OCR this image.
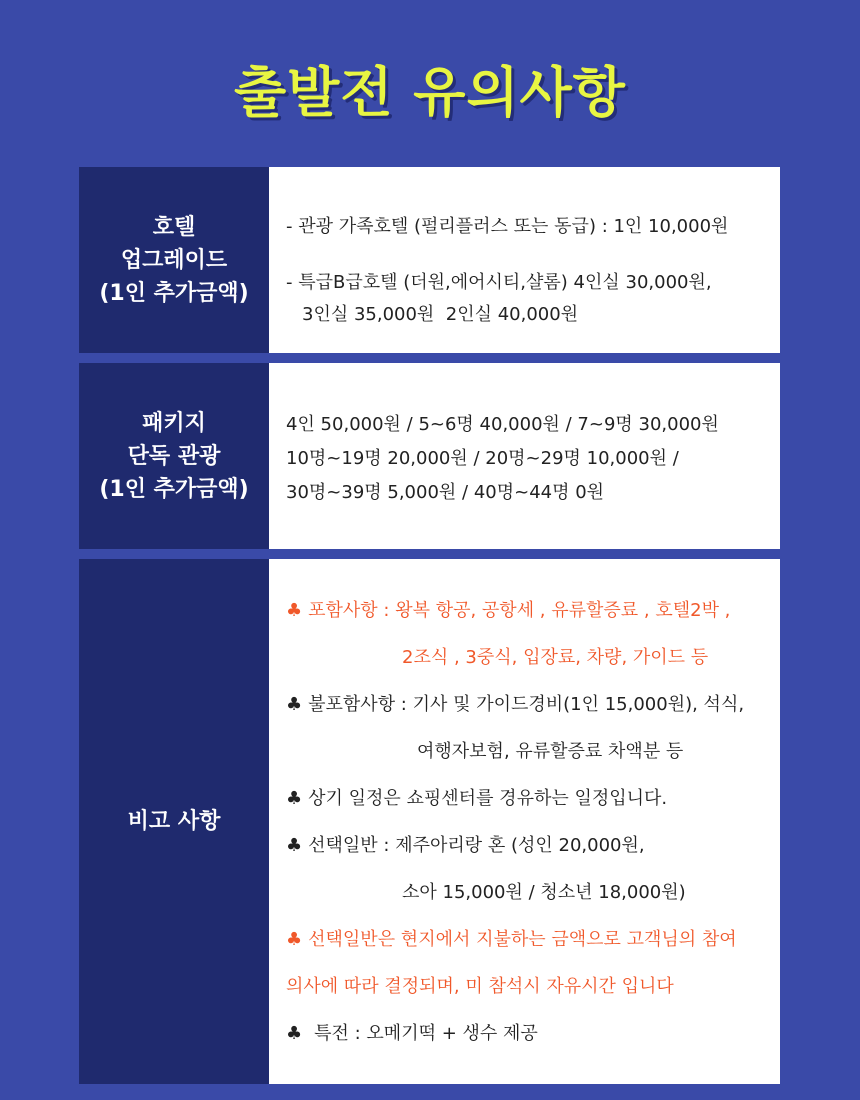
출발전 유의사항
호텔
업그레이드
(1인 추가금액)
- 관광 가족호텔 (펄리플러스 또는 동급) : 1인 10,000원
- 특급B급호텔 (더원,에어시티,샬롬) 4인실 30,000원,
3인실 35,000원  2인실 40,000원
패키지
단독 관광
(1인 추가금액)
4인 50,000원 / 5~6명 40,000원 / 7~9명 30,000원
10명~19명 20,000원 / 20명~29명 10,000원 /
30명~39명 5,000원 / 40명~44명 0원
비고 사항
♣ 포함사항 : 왕복 항공, 공항세 , 유류할증료 , 호텔2박 ,
2조식 , 3중식, 입장료, 차량, 가이드 등
♣ 불포함사항 : 기사 및 가이드경비(1인 15,000원), 석식,
여행자보험, 유류할증료 차액분 등
♣ 상기 일정은 쇼핑센터를 경유하는 일정입니다.
♣ 선택일반 : 제주아리랑 혼 (성인 20,000원,
소아 15,000원 / 청소년 18,000원)
♣ 선택일반은 현지에서 지불하는 금액으로 고객님의 참여
의사에 따라 결정되며, 미 참석시 자유시간 입니다
♣ 특전 : 오메기떡 + 생수 제공
